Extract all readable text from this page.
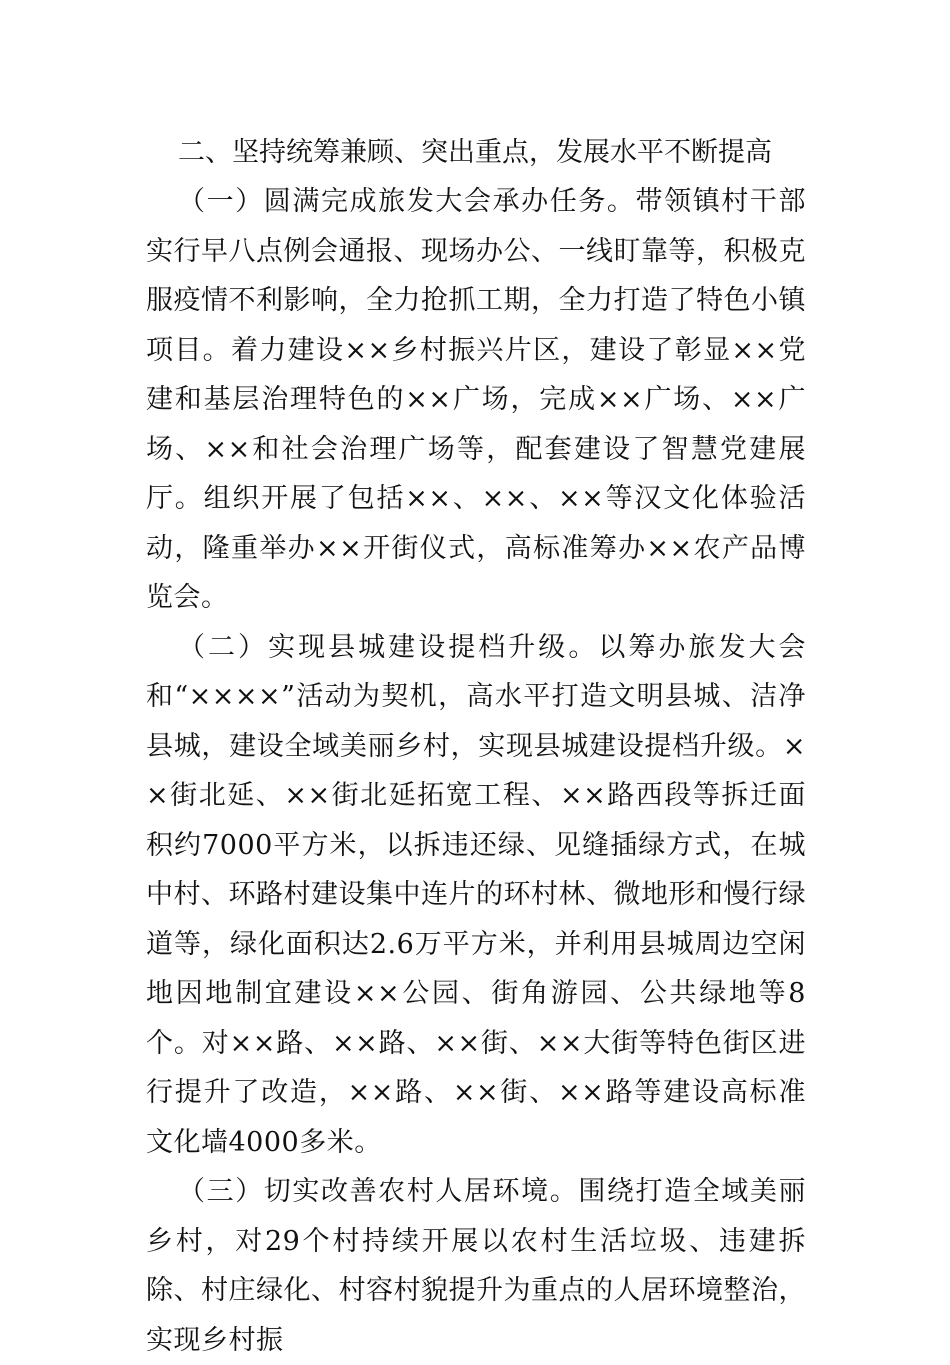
二、坚持统筹兼顾、突出重点，发展水平不断提高

（一）圆满完成旅发大会承办任务。带领镇村干部实行早八点例会通报、现场办公、一线盯靠等，积极克服疫情不利影响，全力抢抓工期，全力打造了特色小镇项目。着力建设××乡村振兴片区，建设了彰显××党建和基层治理特色的××广场，完成××广场、××广场、××和社会治理广场等，配套建设了智慧党建展厅。组织开展了包括××、××、××等汉文化体验活动，隆重举办××开街仪式，高标准筹办××农产品博览会。

（二）实现县城建设提档升级。以筹办旅发大会和“××××”活动为契机，高水平打造文明县城、洁净县城，建设全域美丽乡村，实现县城建设提档升级。××街北延、××街北延拓宽工程、××路西段等拆迁面积约7000平方米，以拆违还绿、见缝插绿方式，在城中村、环路村建设集中连片的环村林、微地形和慢行绿道等，绿化面积达2.6万平方米，并利用县城周边空闲地因地制宜建设××公园、街角游园、公共绿地等8个。对××路、××路、××街、××大街等特色街区进行提升了改造，××路、××街、××路等建设高标准文化墙4000多米。

（三）切实改善农村人居环境。围绕打造全域美丽乡村，对29个村持续开展以农村生活垃圾、违建拆除、村庄绿化、村容村貌提升为重点的人居环境整治，实现乡村振
